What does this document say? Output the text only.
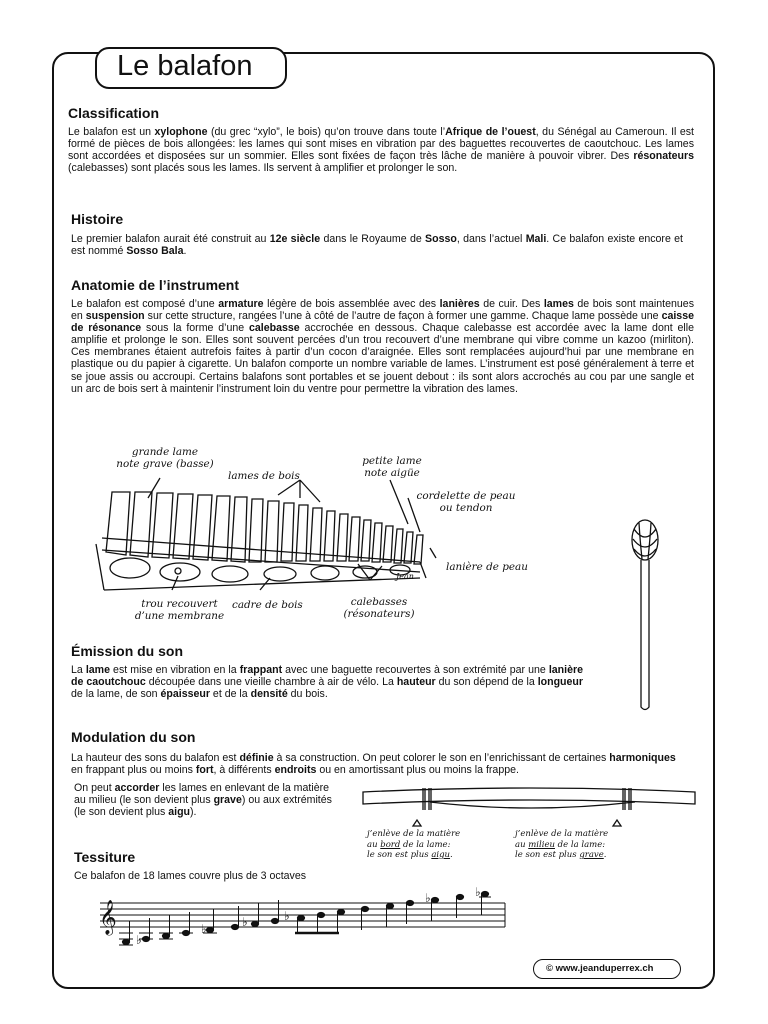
Le balafon
Classification

Le balafon est un xylophone (du grec “xylo”, le bois) qu’on trouve dans toute l’Afrique de l’ouest, du Sénégal au Cameroun. Il est formé de pièces de bois allongées: les lames qui sont mises en vibration par des baguettes recouvertes de caoutchouc. Les lames sont accordées et disposées sur un sommier. Elles sont fixées de façon très lâche de manière à pouvoir vibrer. Des résonateurs (calebasses) sont placés sous les lames. Ils servent à amplifier et prolonger le son.

Histoire

Le premier balafon aurait été construit au 12e siècle dans le Royaume de Sosso, dans l’actuel Mali. Ce balafon existe encore et est nommé Sosso Bala.

Anatomie de l’instrument

Le balafon est composé d’une armature légère de bois assemblée avec des lanières de cuir. Des lames de bois sont maintenues en suspension sur cette structure, rangées l’une à côté de l’autre de façon à former une gamme. Chaque lame possède une caisse de résonance sous la forme d’une calebasse accrochée en dessous. Chaque calebasse est accordée avec la lame dont elle amplifie et prolonge le son. Elles sont souvent percées d’un trou recouvert d’une membrane qui vibre comme un kazoo (mirliton). Ces membranes étaient autrefois faites à partir d’un cocon d’araignée. Elles sont remplacées aujourd’hui par une membrane en plastique ou du papier à cigarette. Un balafon comporte un nombre variable de lames. L’instrument est posé généralement à terre et se joue assis ou accroupi. Certains balafons sont portables et se jouent debout : ils sont alors accrochés au cou par une sangle et un arc de bois sert à maintenir l’instrument loin du ventre pour permettre la vibration des lames.

grande lame
note grave (basse)
lames de bois
petite lame
note aigüe
cordelette de peau
ou tendon
lanière de peau
trou recouvert
d’une membrane
cadre de bois	calebasses
(résonateurs)
Jean
Émission du son

La lame est mise en vibration en la frappant avec une baguette recouvertes à son extrémité par une lanière de caoutchouc découpée dans une vieille chambre à air de vélo. La hauteur du son dépend de la longueur de la lame, de son épaisseur et de la densité du bois.

Modulation du son

La hauteur des sons du balafon est définie à sa construction. On peut colorer le son en l’enrichissant de certaines harmoniques en frappant plus ou moins fort, à différents endroits ou en amortissant plus ou moins la frappe.

On peut accorder les lames en enlevant de la matière au milieu (le son devient plus grave) ou aux extrémités (le son devient plus aigu).

j’enlève de la matière
au bord de la lame:
le son est plus aigu.
j’enlève de la matière
au milieu de la lame:
le son est plus grave.
Tessiture

Ce balafon de 18 lames couvre plus de 3 octaves

𝄞
♭
♭	♭	♭
♭	♭
© www.jeanduperrex.ch
